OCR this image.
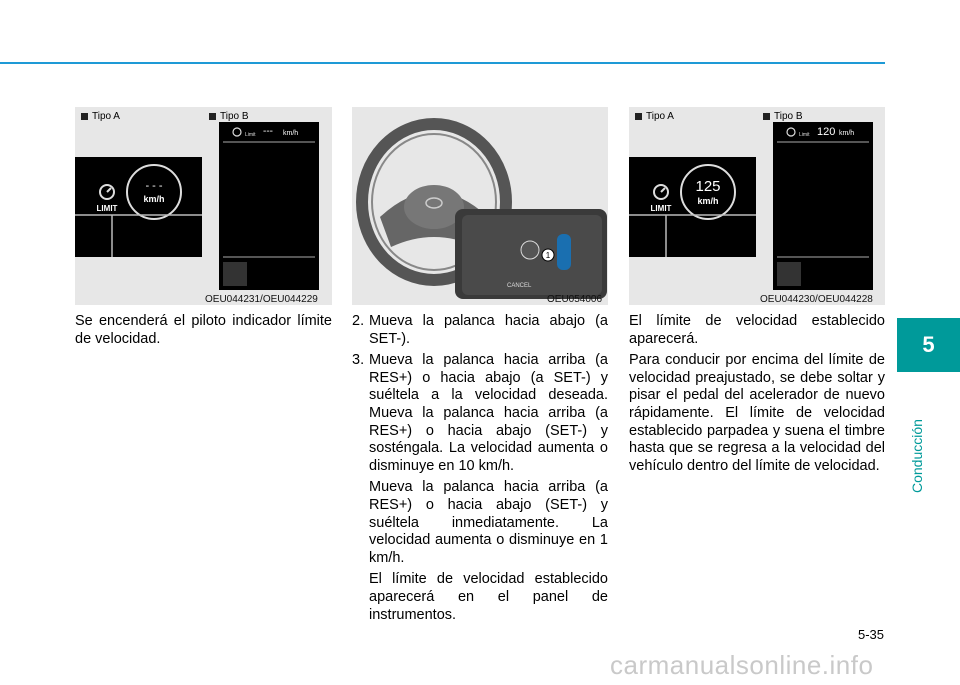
5
Conducción
Tipo A	Tipo B
- - -
km/h
LIMIT
Limit --- km/h
OEU044231/OEU044229
1
CANCEL
OEU054006
Tipo A	Tipo B
125
km/h
LIMIT
Limit 120 km/h
OEU044230/OEU044228

Se encenderá el piloto indicador límite de velocidad.

2. Mueva la palanca hacia abajo (a SET-).
3. Mueva la palanca hacia arriba (a RES+) o hacia abajo (a SET-) y suéltela a la velocidad deseada. Mueva la palanca hacia arriba (a RES+) o hacia abajo (SET-) y sosténgala. La velocidad aumenta o disminuye en 10 km/h.

Mueva la palanca hacia arriba (a RES+) o hacia abajo (SET-) y suéltela inmediatamente. La velocidad aumenta o disminuye en 1 km/h.

El límite de velocidad establecido aparecerá en el panel de instrumentos.

El límite de velocidad establecido aparecerá.

Para conducir por encima del límite de velocidad preajustado, se debe soltar y pisar el pedal del acelerador de nuevo rápidamente. El límite de velocidad establecido parpadea y suena el timbre hasta que se regresa a la velocidad del vehículo dentro del límite de velocidad.

5-35
carmanualsonline.info
